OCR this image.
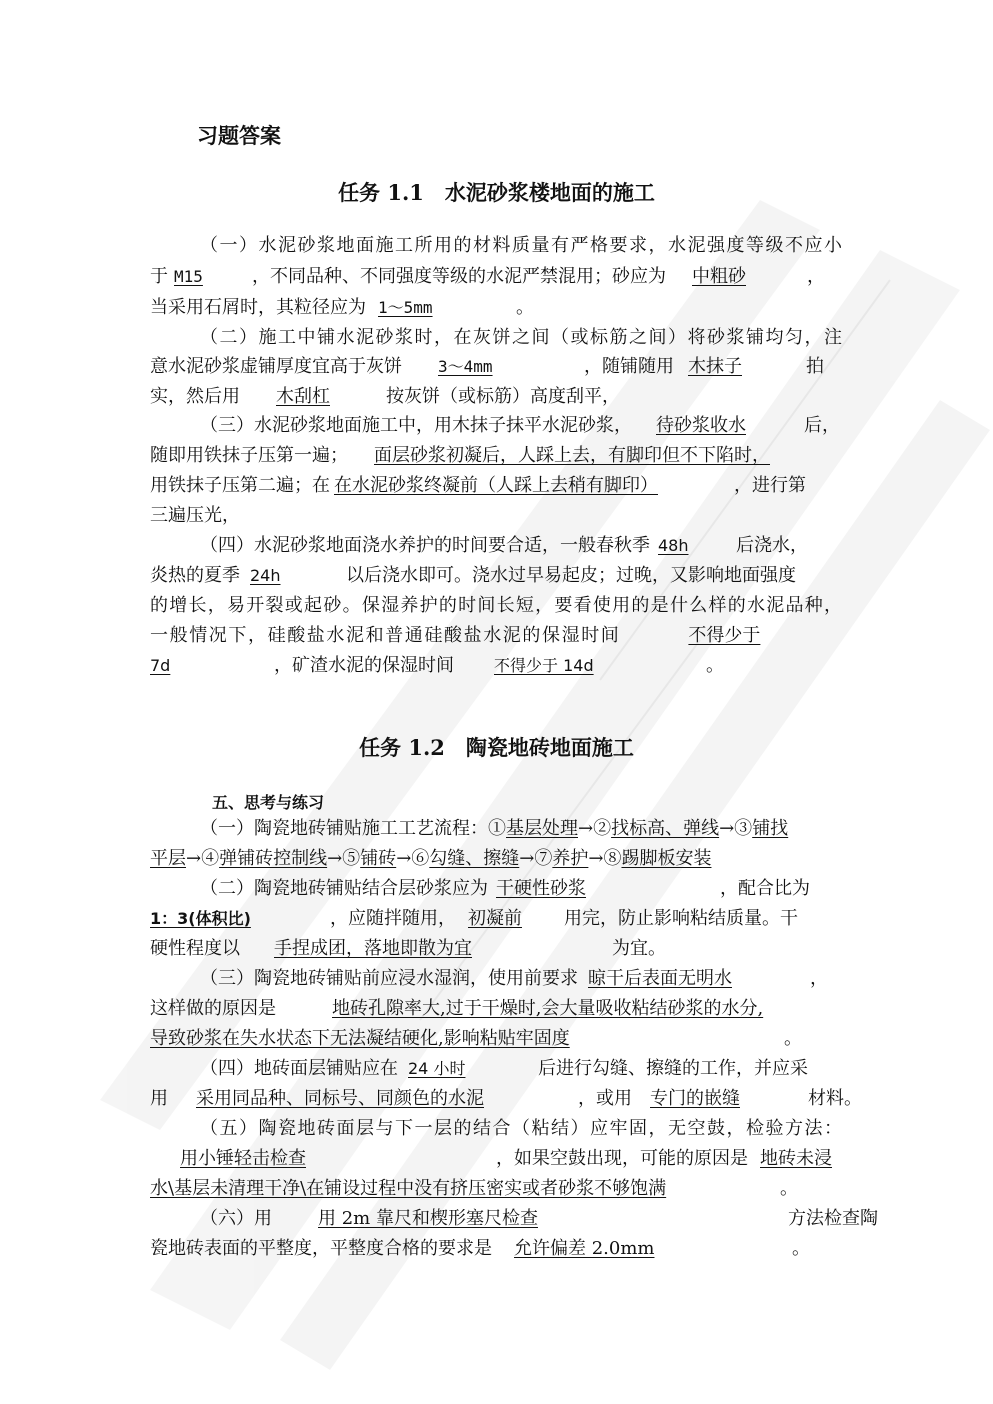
习题答案
任务 1.1　水泥砂浆楼地面的施工
（一）水泥砂浆地面施工所用的材料质量有严格要求，水泥强度等级不应小
于 M15	，不同品种、不同强度等级的水泥严禁混用；砂应为　 中粗砂	，
当采用石屑时，其粒径应为 1～5mm	。
（二）施工中铺水泥砂浆时，在灰饼之间（或标筋之间）将砂浆铺均匀，注
意水泥砂浆虚铺厚度宜高于灰饼　 3～4mm	，随铺随用 木抹子	拍
实，然后用　 木刮杠	按灰饼（或标筋）高度刮平，
（三）水泥砂浆地面施工中，用木抹子抹平水泥砂浆， 待砂浆收水	后，
随即用铁抹子压第一遍； 面层砂浆初凝后，人踩上去，有脚印但不下陷时，
用铁抹子压第二遍；在 在水泥砂浆终凝前（人踩上去稍有脚印）	，进行第
三遍压光，
（四）水泥砂浆地面浇水养护的时间要合适，一般春秋季 48h	后浇水，
炎热的夏季 24h	以后浇水即可。浇水过早易起皮；过晚，又影响地面强度
的增长，易开裂或起砂。保湿养护的时间长短，要看使用的是什么样的水泥品种，
一般情况下，硅酸盐水泥和普通硅酸盐水泥的保湿时间	不得少于
7d	，矿渣水泥的保湿时间	不得少于 14d	。
任务 1.2　陶瓷地砖地面施工
五、思考与练习
（一）陶瓷地砖铺贴施工工艺流程：①基层处理→②找标高、弹线→③铺找
平层→④弹铺砖控制线→⑤铺砖→⑥勾缝、擦缝→⑦养护→⑧踢脚板安装
（二）陶瓷地砖铺贴结合层砂浆应为 干硬性砂浆	，配合比为
1：3(体积比)	，应随拌随用， 初凝前 用完，防止影响粘结质量。干
硬性程度以 手捏成团，落地即散为宜	为宜。
（三）陶瓷地砖铺贴前应浸水湿润，使用前要求 晾干后表面无明水	，
这样做的原因是	地砖孔隙率大,过于干燥时,会大量吸收粘结砂浆的水分,
导致砂浆在失水状态下无法凝结硬化,影响粘贴牢固度	。
（四）地砖面层铺贴应在 24 小时	后进行勾缝、擦缝的工作，并应采
用 采用同品种、同标号、同颜色的水泥	，或用 专门的嵌缝	材料。
（五）陶瓷地砖面层与下一层的结合（粘结）应牢固，无空鼓，检验方法：
用小锤轻击检查	，如果空鼓出现，可能的原因是 地砖未浸
水\基层未清理干净\在铺设过程中没有挤压密实或者砂浆不够饱满	。
（六）用	用 2m 靠尺和楔形塞尺检查	方法检查陶
瓷地砖表面的平整度，平整度合格的要求是 允许偏差 2.0mm	。
